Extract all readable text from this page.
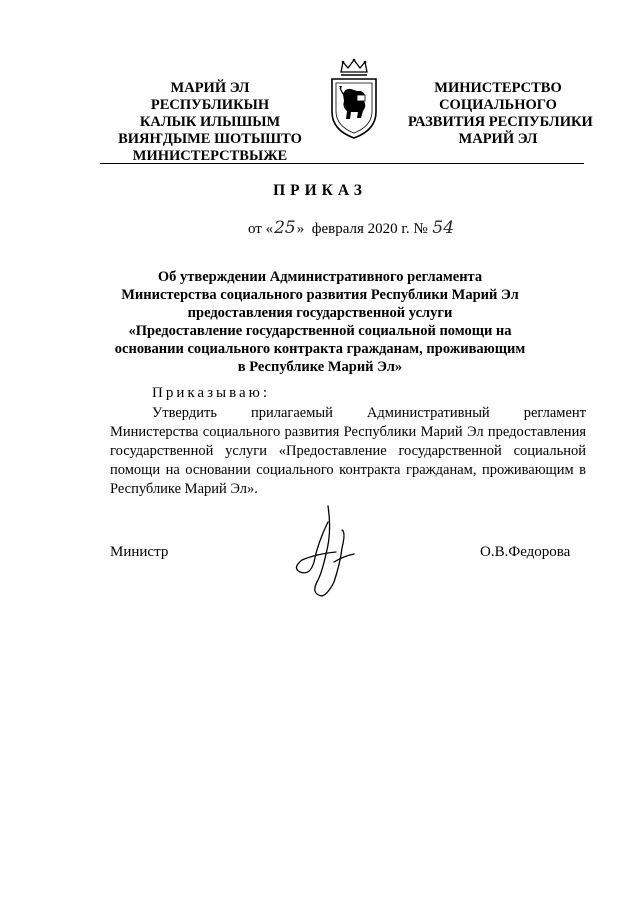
МАРИЙ ЭЛ
РЕСПУБЛИКЫН
КАЛЫК ИЛЫШЫМ
ВИЯҤДЫМЕ ШОТЫШТО
МИНИСТЕРСТВЫЖЕ
МИНИСТЕРСТВО
СОЦИАЛЬНОГО
РАЗВИТИЯ РЕСПУБЛИКИ
МАРИЙ ЭЛ
ПРИКАЗ
от «25»  февраля 2020 г. № 54
Об утверждении Административного регламента
Министерства социального развития Республики Марий Эл
предоставления государственной услуги
«Предоставление государственной социальной помощи на
основании социального контракта гражданам, проживающим
в Республике Марий Эл»
Приказываю:
Утвердить прилагаемый Административный регламент Министерства социального развития Республики Марий Эл предоставления государственной услуги «Предоставление государственной социальной помощи на основании социального контракта гражданам, проживающим в Республике Марий Эл».
Министр	О.В.Федорова
